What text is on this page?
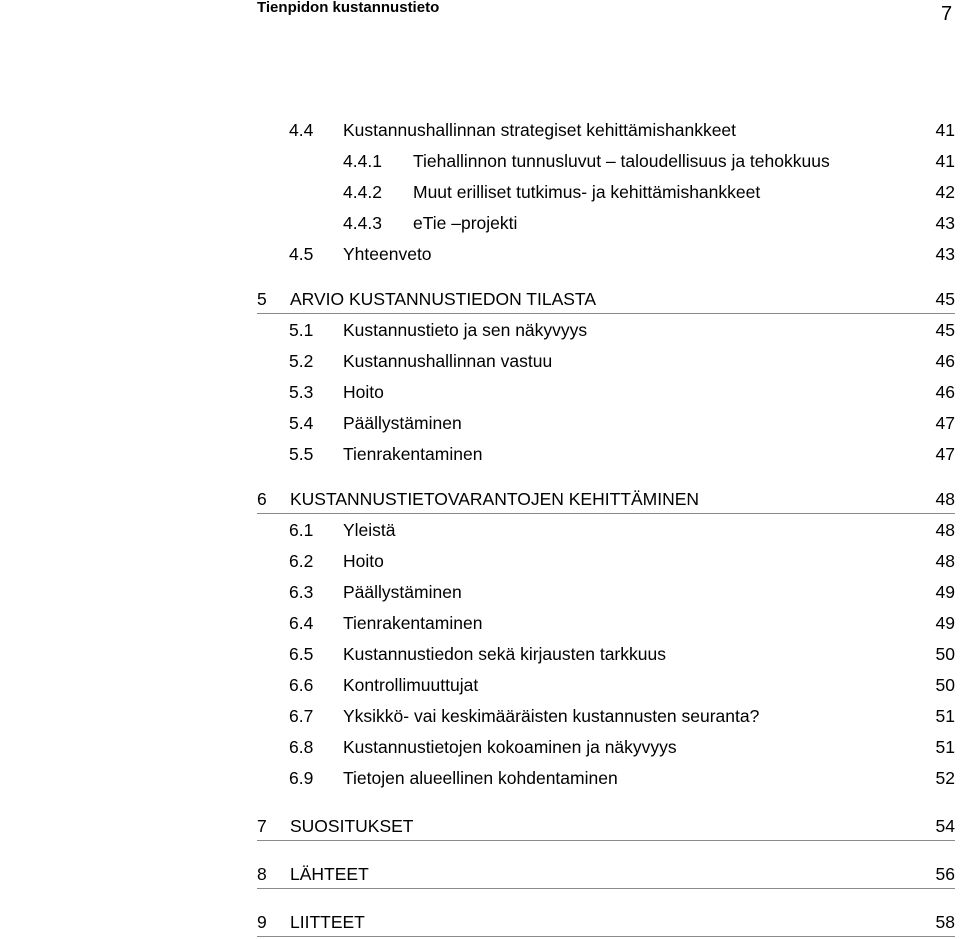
Tienpidon kustannustieto	7
4.4 Kustannushallinnan strategiset kehittämishankkeet	41
4.4.1 Tiehallinnon tunnusluvut – taloudellisuus ja tehokkuus	41
4.4.2 Muut erilliset tutkimus- ja kehittämishankkeet	42
4.4.3 eTie –projekti	43
4.5 Yhteenveto	43
5 ARVIO KUSTANNUSTIEDON TILASTA	45
5.1 Kustannustieto ja sen näkyvyys	45
5.2 Kustannushallinnan vastuu	46
5.3 Hoito	46
5.4 Päällystäminen	47
5.5 Tienrakentaminen	47
6 KUSTANNUSTIETOVARANTOJEN KEHITTÄMINEN	48
6.1 Yleistä	48
6.2 Hoito	48
6.3 Päällystäminen	49
6.4 Tienrakentaminen	49
6.5 Kustannustiedon sekä kirjausten tarkkuus	50
6.6 Kontrollimuuttujat	50
6.7 Yksikkö- vai keskimääräisten kustannusten seuranta?	51
6.8 Kustannustietojen kokoaminen ja näkyvyys	51
6.9 Tietojen alueellinen kohdentaminen	52
7 SUOSITUKSET	54
8 LÄHTEET	56
9 LIITTEET	58
